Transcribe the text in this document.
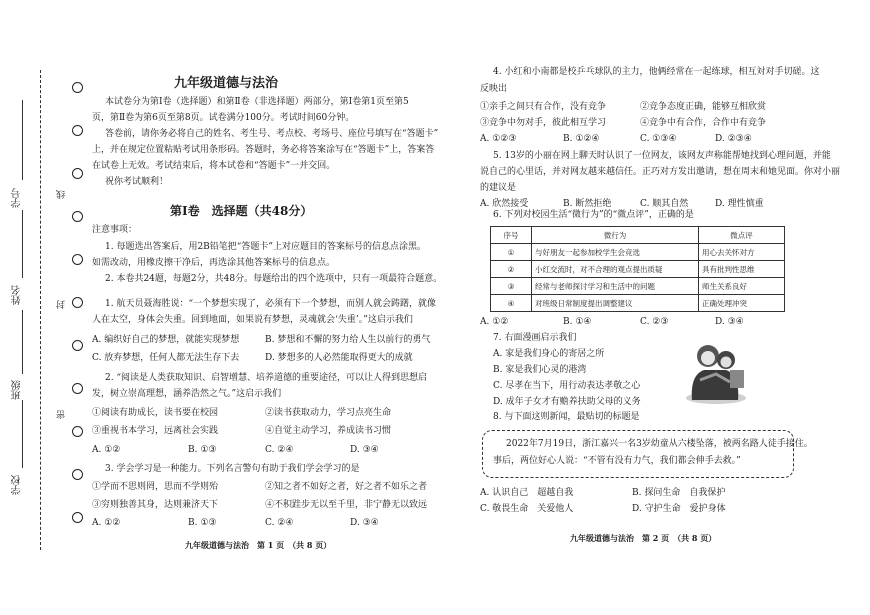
学号
姓名
班级
学校
线
封
密
九年级道德与法治
本试卷分为第Ⅰ卷（选择题）和第Ⅱ卷（非选择题）两部分，第Ⅰ卷第1页至第5
页，第Ⅱ卷为第6页至第8页。试卷满分100分。考试时间60分钟。
答卷前，请你务必将自己的姓名、考生号、考点校、考场号、座位号填写在“答题卡”
上，并在规定位置粘贴考试用条形码。答题时，务必将答案涂写在“答题卡”上，答案答
在试卷上无效。考试结束后，将本试卷和“答题卡”一并交回。
祝你考试顺利！
第Ⅰ卷　选择题（共48分）
注意事项：
1. 每题选出答案后，用2B铅笔把“答题卡”上对应题目的答案标号的信息点涂黑。
如需改动，用橡皮擦干净后，再选涂其他答案标号的信息点。
2. 本卷共24题，每题2分，共48分。每题给出的四个选项中，只有一项最符合题意。
1. 航天员聂海胜说：“一个梦想实现了，必须有下一个梦想，而别人就会踌躇，就像
人在太空，身体会失重。回到地面，如果说有梦想，灵魂就会‘失重’。”这启示我们
A. 编织好自己的梦想，就能实现梦想	B. 梦想和不懈的努力给人生以前行的勇气
C. 放弃梦想，任何人都无法生存下去	D. 梦想多的人必然能取得更大的成就
2. “阅读是人类获取知识、启智增慧、培养道德的重要途径，可以让人得到思想启
发，树立崇高理想，涵养浩然之气。”这启示我们
①阅读有助成长，读书要在校园	②读书获取动力，学习点亮生命
③重视书本学习，远离社会实践	④自觉主动学习，养成读书习惯
A. ①②	B. ①③	C. ②④	D. ③④
3. 学会学习是一种能力。下列名言警句有助于我们学会学习的是
①学而不思则罔，思而不学则殆	②知之者不如好之者，好之者不如乐之者
③穷则独善其身，达则兼济天下	④不积跬步无以至千里，非宁静无以致远
A. ①②	B. ①③	C. ②④	D. ③④
九年级道德与法治　第 1 页　（共 8 页）
4. 小红和小南都是校乒乓球队的主力，他俩经常在一起练球，相互対对手切磋。这
反映出
①亲手之间只有合作，没有竞争	②竞争态度正确，能够互相欣赏
③竞争中勿对手，彼此相互学习	④竞争中有合作，合作中有竞争
A. ①②③	B. ①②④	C. ①③④	D. ②③④
5. 13岁的小丽在网上聊天时认识了一位网友，该网友声称能帮她找到心理问题，并能
说自己的心里话，并对网友越来越信任。正巧对方发出邀请，想在周末和她见面。你对小丽
的建议是
A. 欣然接受	B. 断然拒绝	C. 顺其自然	D. 理性慎重
6. 下列对校园生活“微行为”的“微点评”，正确的是
序号	微行为	微点评
①	与好朋友一起参加校学生会竞选	用心去关怀对方
②	小红交流时，对不合理的观点提出质疑	具有批判性思维
③	经常与老师探讨学习和生活中的问题	师生关系良好
④	对班级日常制度提出调整建议	正确处理冲突
A. ①②	B. ①④	C. ②③	D. ③④
7. 右面漫画启示我们
A. 家是我们身心的寄居之所
B. 家是我们心灵的港湾
C. 尽孝在当下，用行动表达孝敬之心
D. 成年子女才有赡养扶助父母的义务
8. 与下面这则新闻，最贴切的标题是
2022年7月19日，浙江嘉兴一名3岁幼童从六楼坠落，被两名路人徒手接住。
事后，两位好心人说：“不管有没有力气，我们都会伸手去救。”
A. 认识自己　超越自我	B. 探问生命　自我保护
C. 敬畏生命　关爱他人	D. 守护生命　爱护身体
九年级道德与法治　第 2 页　（共 8 页）
